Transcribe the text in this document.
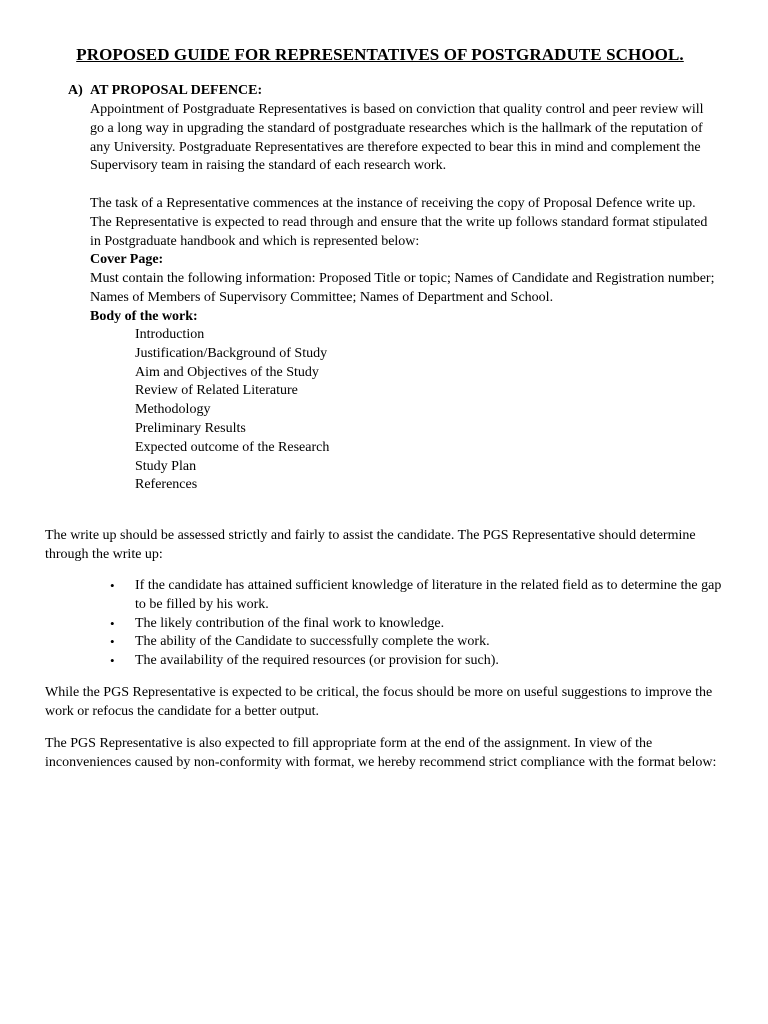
PROPOSED GUIDE FOR REPRESENTATIVES OF POSTGRADUTE SCHOOL.
A) AT PROPOSAL DEFENCE:

Appointment of Postgraduate Representatives is based on conviction that quality control and peer review will go a long way in upgrading the standard of postgraduate researches which is the hallmark of the reputation of any University. Postgraduate Representatives are therefore expected to bear this in mind and complement the Supervisory team in raising the standard of each research work.

The task of a Representative commences at the instance of receiving the copy of Proposal Defence write up. The Representative is expected to read through and ensure that the write up follows standard format stipulated in Postgraduate handbook and which is represented below:

Cover Page:

Must contain the following information: Proposed Title or topic; Names of Candidate and Registration number; Names of Members of Supervisory Committee; Names of Department and School.

Body of the work:

Introduction
Justification/Background of Study
Aim and Objectives of the Study
Review of Related Literature
Methodology
Preliminary Results
Expected outcome of the Research
Study Plan
References

The write up should be assessed strictly and fairly to assist the candidate. The PGS Representative should determine through the write up:

• If the candidate has attained sufficient knowledge of literature in the related field as to determine the gap to be filled by his work.
• The likely contribution of the final work to knowledge.
• The ability of the Candidate to successfully complete the work.
• The availability of the required resources (or provision for such).

While the PGS Representative is expected to be critical, the focus should be more on useful suggestions to improve the work or refocus the candidate for a better output.

The PGS Representative is also expected to fill appropriate form at the end of the assignment. In view of the inconveniences caused by non-conformity with format, we hereby recommend strict compliance with the format below:
